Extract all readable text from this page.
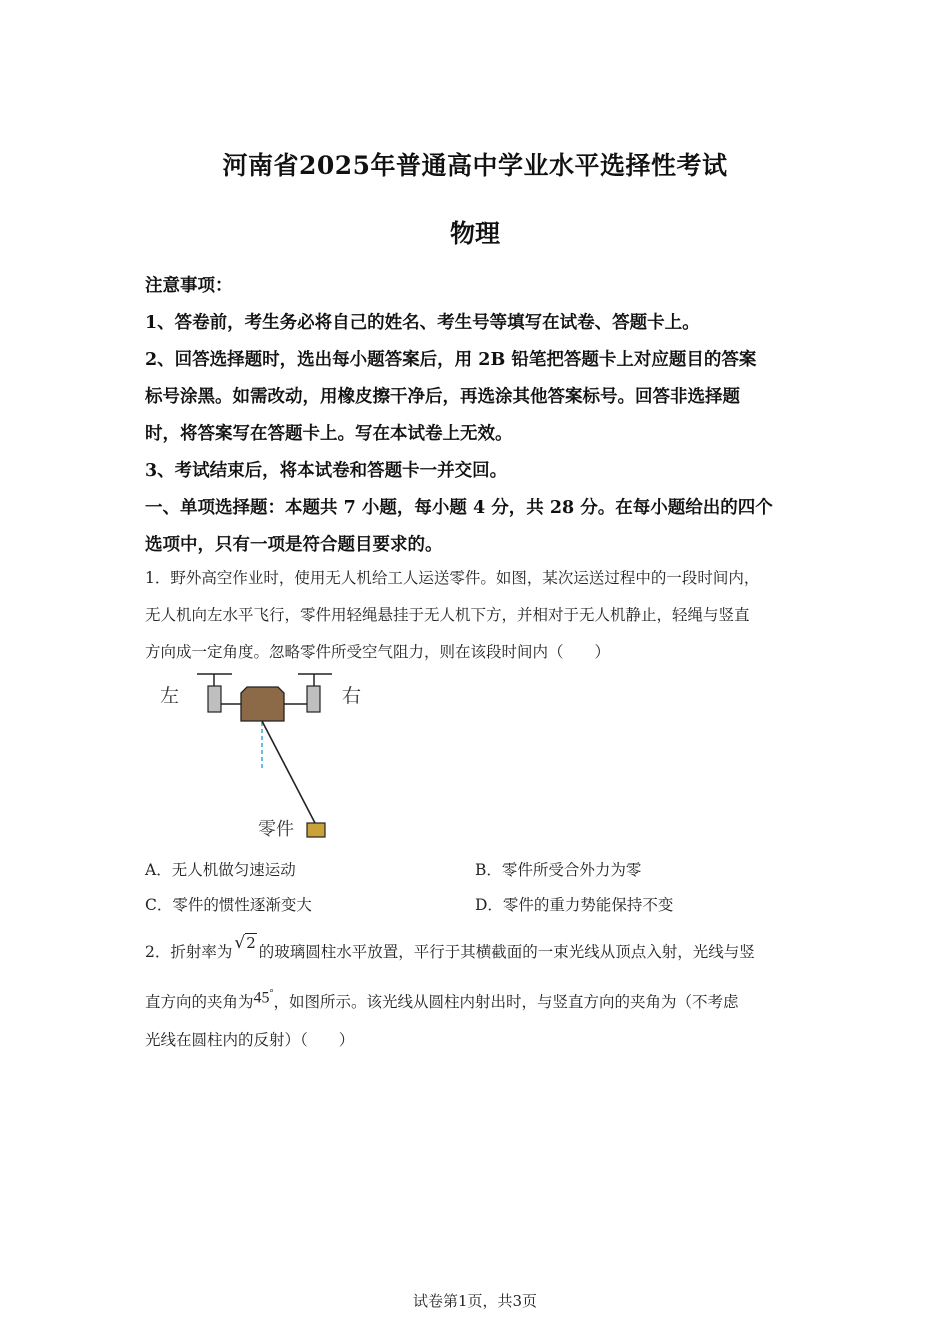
河南省2025年普通高中学业水平选择性考试
物理
注意事项：
1、答卷前，考生务必将自己的姓名、考生号等填写在试卷、答题卡上。
2、回答选择题时，选出每小题答案后，用 2B 铅笔把答题卡上对应题目的答案
标号涂黑。如需改动，用橡皮擦干净后，再选涂其他答案标号。回答非选择题
时，将答案写在答题卡上。写在本试卷上无效。
3、考试结束后，将本试卷和答题卡一并交回。
一、单项选择题：本题共 7 小题，每小题 4 分，共 28 分。在每小题给出的四个
选项中，只有一项是符合题目要求的。
1．野外高空作业时，使用无人机给工人运送零件。如图，某次运送过程中的一段时间内，
无人机向左水平飞行，零件用轻绳悬挂于无人机下方，并相对于无人机静止，轻绳与竖直
方向成一定角度。忽略零件所受空气阻力，则在该段时间内（　　）
左	右
零件
A．无人机做匀速运动	B．零件所受合外力为零
C．零件的惯性逐渐变大	D．零件的重力势能保持不变
2．折射率为 √2 的玻璃圆柱水平放置，平行于其横截面的一束光线从顶点入射，光线与竖
直方向的夹角为45°，如图所示。该光线从圆柱内射出时，与竖直方向的夹角为（不考虑
光线在圆柱内的反射）（　　）
试卷第1页，共3页
